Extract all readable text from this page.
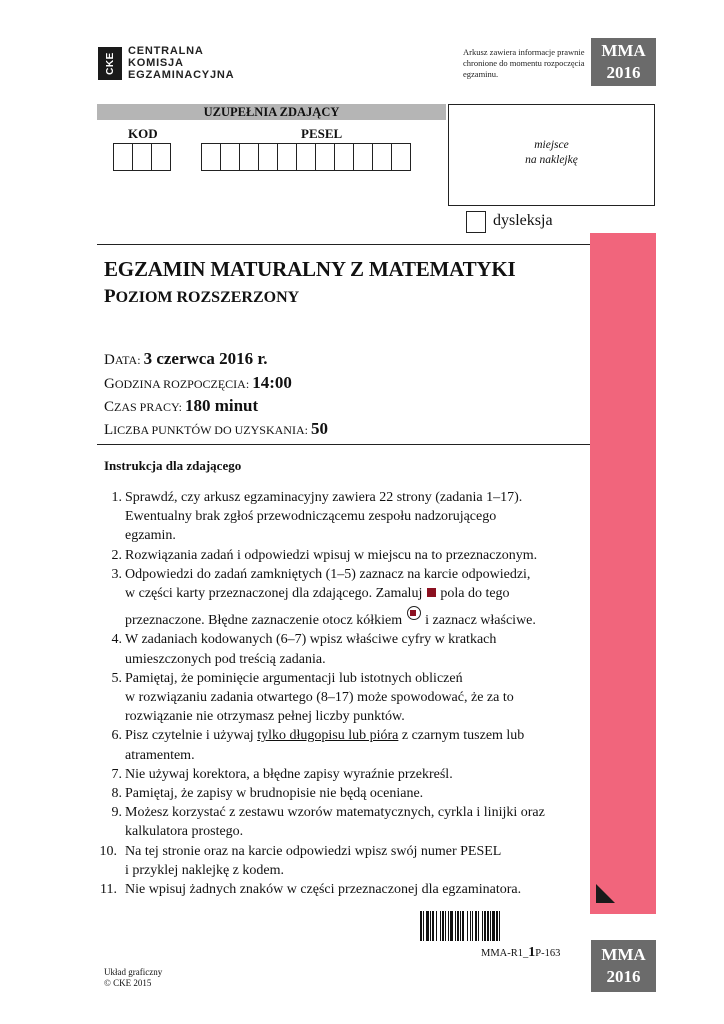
CKE
CENTRALNA
KOMISJA
EGZAMINACYJNA
Arkusz zawiera informacje prawnie chronione do momentu rozpoczęcia egzaminu.
MMA
2016
UZUPEŁNIA ZDAJĄCY
KOD	PESEL
miejsce
na naklejkę
dysleksja
EGZAMIN MATURALNY Z MATEMATYKI
POZIOM ROZSZERZONY
DATA: 3 czerwca 2016 r.
GODZINA ROZPOCZĘCIA: 14:00
CZAS PRACY: 180 minut
LICZBA PUNKTÓW DO UZYSKANIA: 50
Instrukcja dla zdającego
1. Sprawdź, czy arkusz egzaminacyjny zawiera 22 strony (zadania 1–17).
Ewentualny brak zgłoś przewodniczącemu zespołu nadzorującego
egzamin.
2. Rozwiązania zadań i odpowiedzi wpisuj w miejscu na to przeznaczonym.
3. Odpowiedzi do zadań zamkniętych (1–5) zaznacz na karcie odpowiedzi,
w części karty przeznaczonej dla zdającego. Zamaluj pola do tego
przeznaczone. Błędne zaznaczenie otocz kółkiem i zaznacz właściwe.
4. W zadaniach kodowanych (6–7) wpisz właściwe cyfry w kratkach
umieszczonych pod treścią zadania.
5. Pamiętaj, że pominięcie argumentacji lub istotnych obliczeń
w rozwiązaniu zadania otwartego (8–17) może spowodować, że za to
rozwiązanie nie otrzymasz pełnej liczby punktów.
6. Pisz czytelnie i używaj tylko długopisu lub pióra z czarnym tuszem lub
atramentem.
7. Nie używaj korektora, a błędne zapisy wyraźnie przekreśl.
8. Pamiętaj, że zapisy w brudnopisie nie będą oceniane.
9. Możesz korzystać z zestawu wzorów matematycznych, cyrkla i linijki oraz
kalkulatora prostego.
10. Na tej stronie oraz na karcie odpowiedzi wpisz swój numer PESEL
i przyklej naklejkę z kodem.
11. Nie wpisuj żadnych znaków w części przeznaczonej dla egzaminatora.
MMA-R1_1P-163	MMA
2016
Układ graficzny
© CKE 2015
